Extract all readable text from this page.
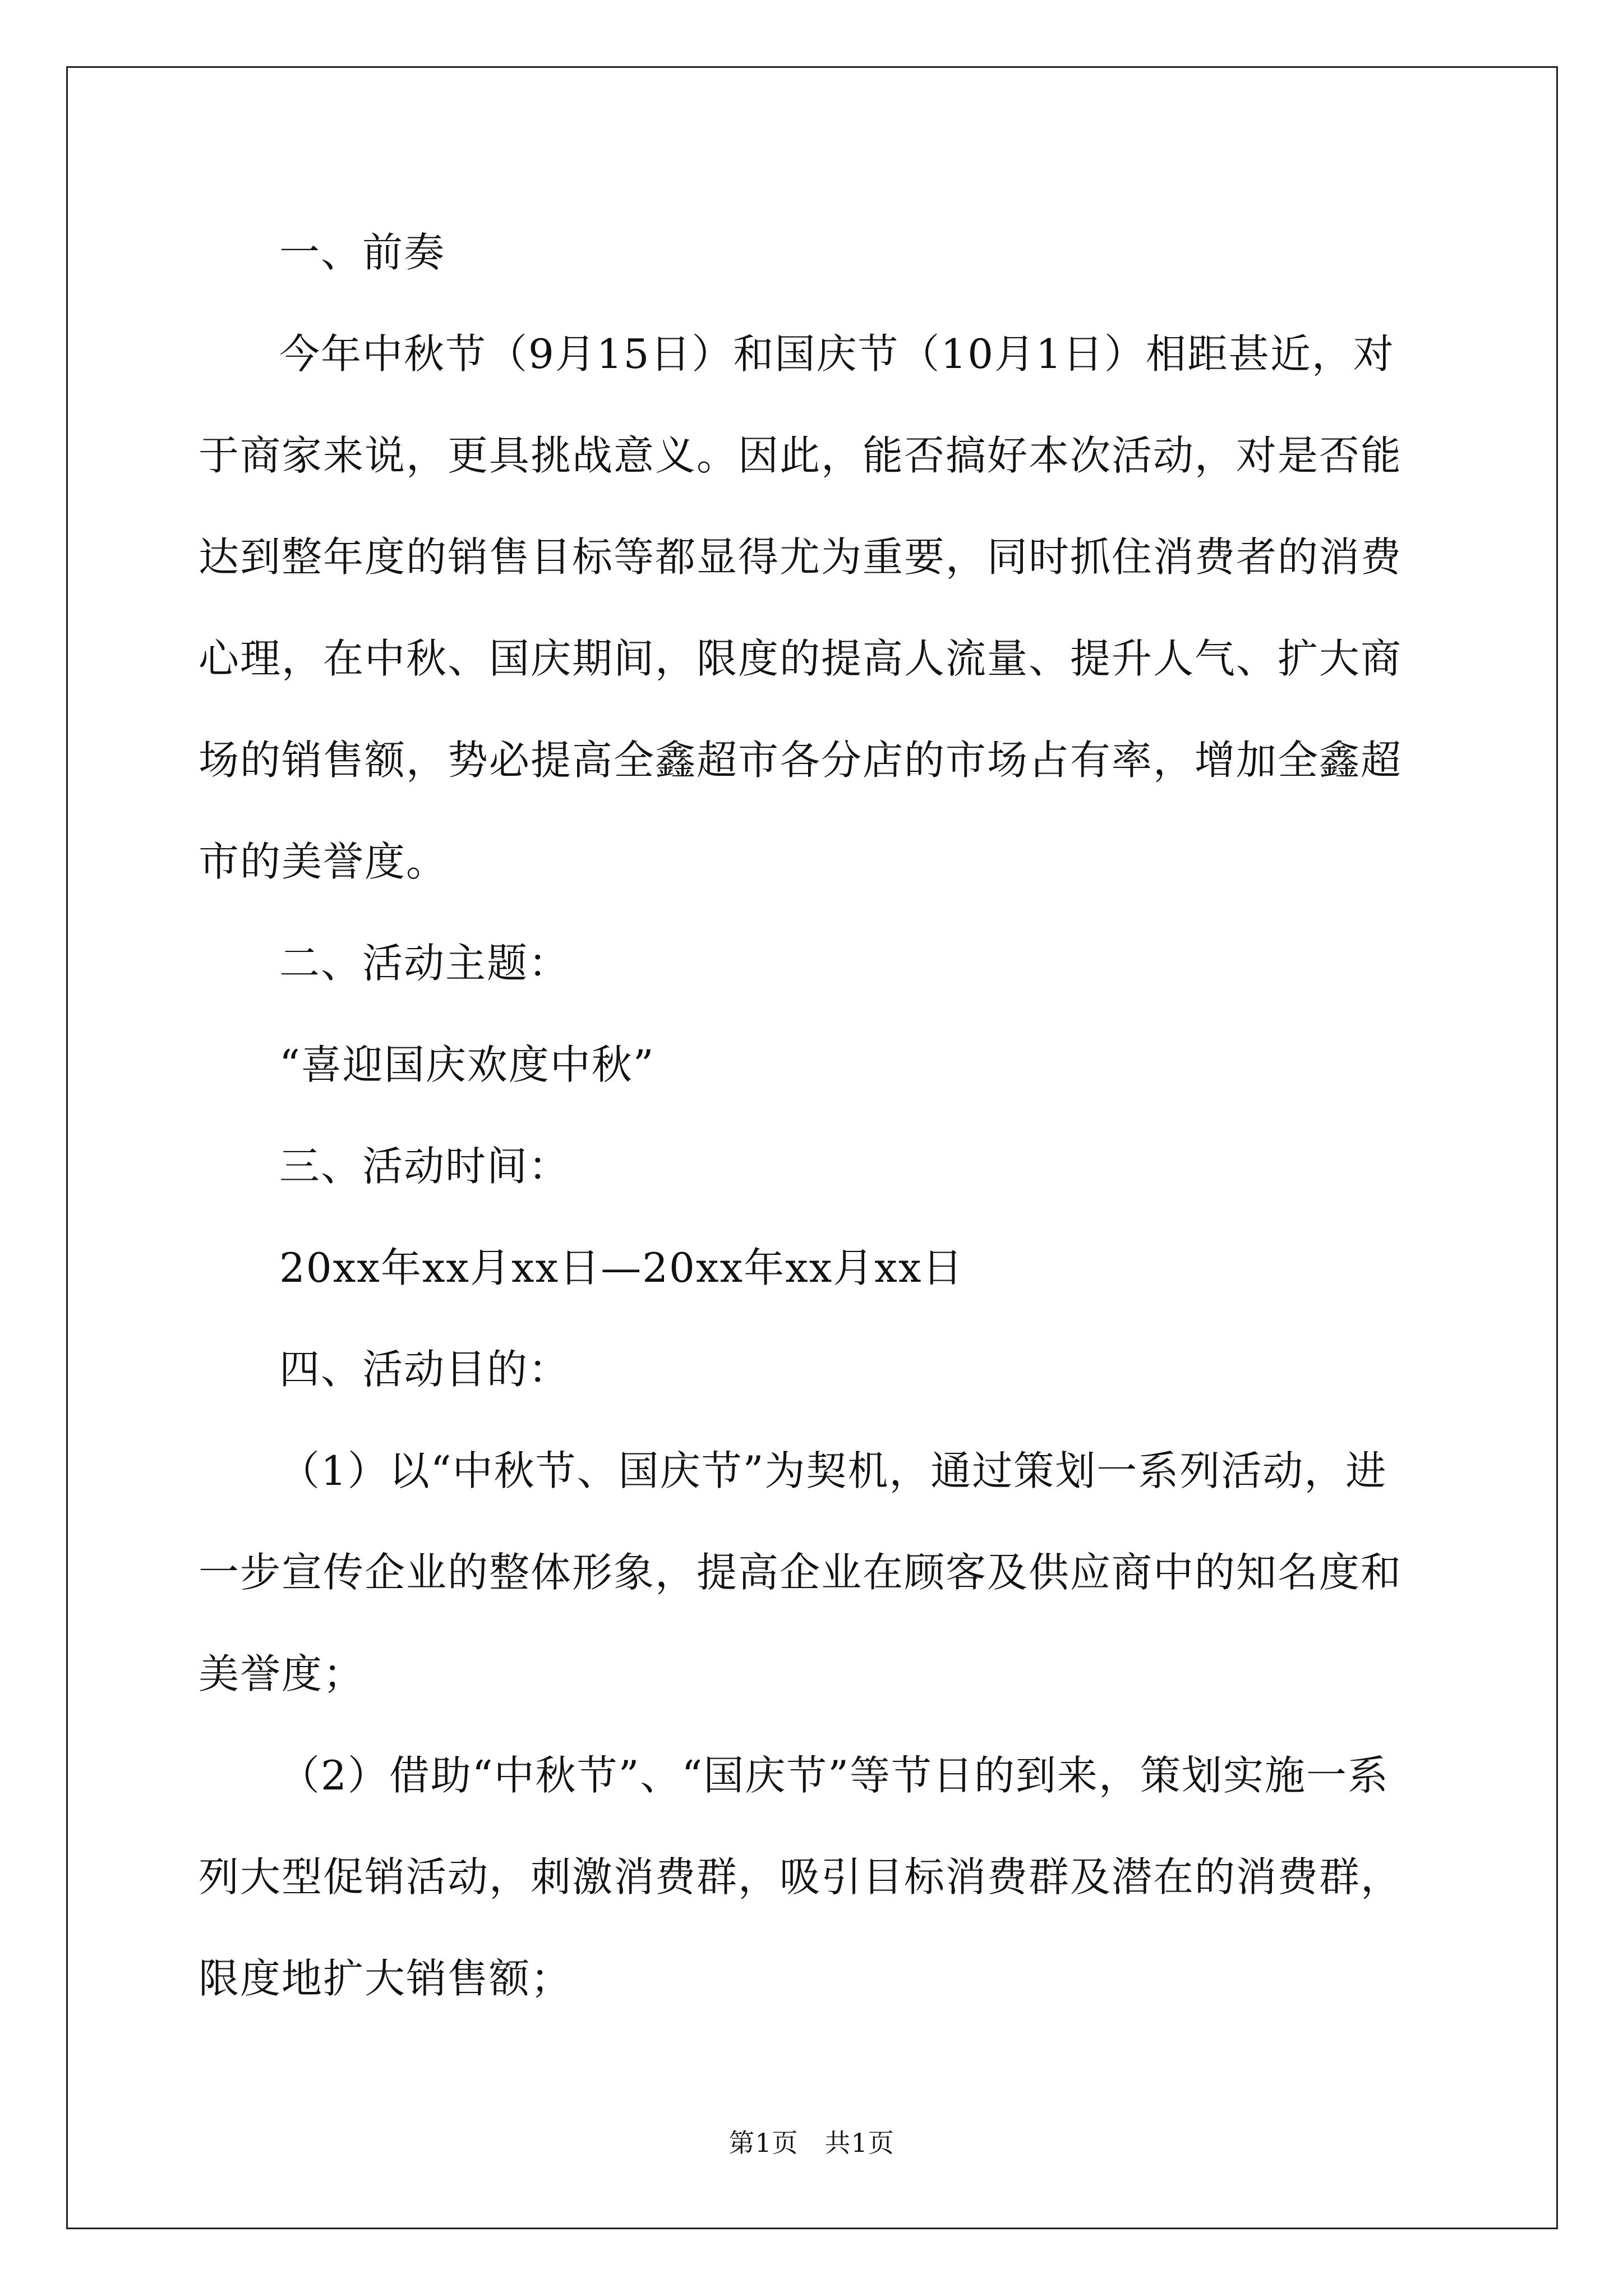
一、前奏

今年中秋节（9月15日）和国庆节（10月1日）相距甚近，对于商家来说，更具挑战意义。因此，能否搞好本次活动，对是否能达到整年度的销售目标等都显得尤为重要，同时抓住消费者的消费心理，在中秋、国庆期间，限度的提高人流量、提升人气、扩大商场的销售额，势必提高全鑫超市各分店的市场占有率，增加全鑫超市的美誉度。

二、活动主题：

“喜迎国庆欢度中秋”

三、活动时间：

20xx年xx月xx日—20xx年xx月xx日

四、活动目的：

（1）以“中秋节、国庆节”为契机，通过策划一系列活动，进一步宣传企业的整体形象，提高企业在顾客及供应商中的知名度和美誉度；

（2）借助“中秋节”、“国庆节”等节日的到来，策划实施一系列大型促销活动，刺激消费群，吸引目标消费群及潜在的消费群，限度地扩大销售额；

第1页　共1页
